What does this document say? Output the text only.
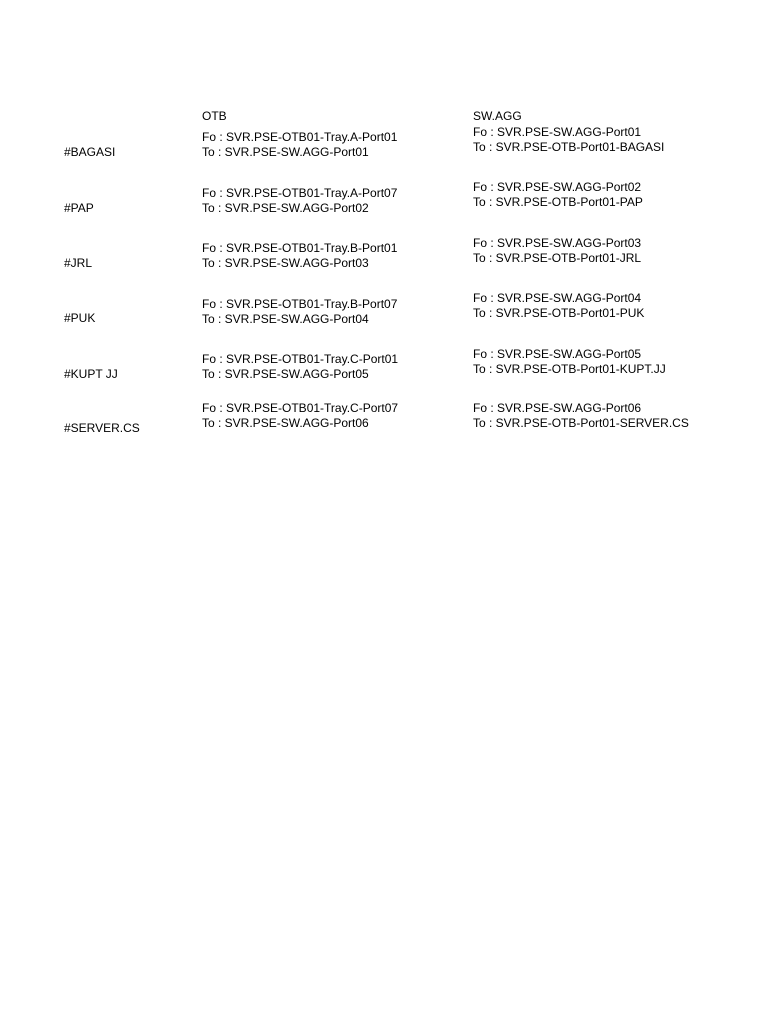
OTB	SW.AGG
#BAGASI
Fo : SVR.PSE-OTB01-Tray.A-Port01
To : SVR.PSE-SW.AGG-Port01
Fo : SVR.PSE-SW.AGG-Port01
To : SVR.PSE-OTB-Port01-BAGASI
#PAP
Fo : SVR.PSE-OTB01-Tray.A-Port07
To : SVR.PSE-SW.AGG-Port02
Fo : SVR.PSE-SW.AGG-Port02
To : SVR.PSE-OTB-Port01-PAP
#JRL
Fo : SVR.PSE-OTB01-Tray.B-Port01
To : SVR.PSE-SW.AGG-Port03
Fo : SVR.PSE-SW.AGG-Port03
To : SVR.PSE-OTB-Port01-JRL
#PUK
Fo : SVR.PSE-OTB01-Tray.B-Port07
To : SVR.PSE-SW.AGG-Port04
Fo : SVR.PSE-SW.AGG-Port04
To : SVR.PSE-OTB-Port01-PUK
#KUPT JJ
Fo : SVR.PSE-OTB01-Tray.C-Port01
To : SVR.PSE-SW.AGG-Port05
Fo : SVR.PSE-SW.AGG-Port05
To : SVR.PSE-OTB-Port01-KUPT.JJ
#SERVER.CS
Fo : SVR.PSE-OTB01-Tray.C-Port07
To : SVR.PSE-SW.AGG-Port06
Fo : SVR.PSE-SW.AGG-Port06
To : SVR.PSE-OTB-Port01-SERVER.CS
